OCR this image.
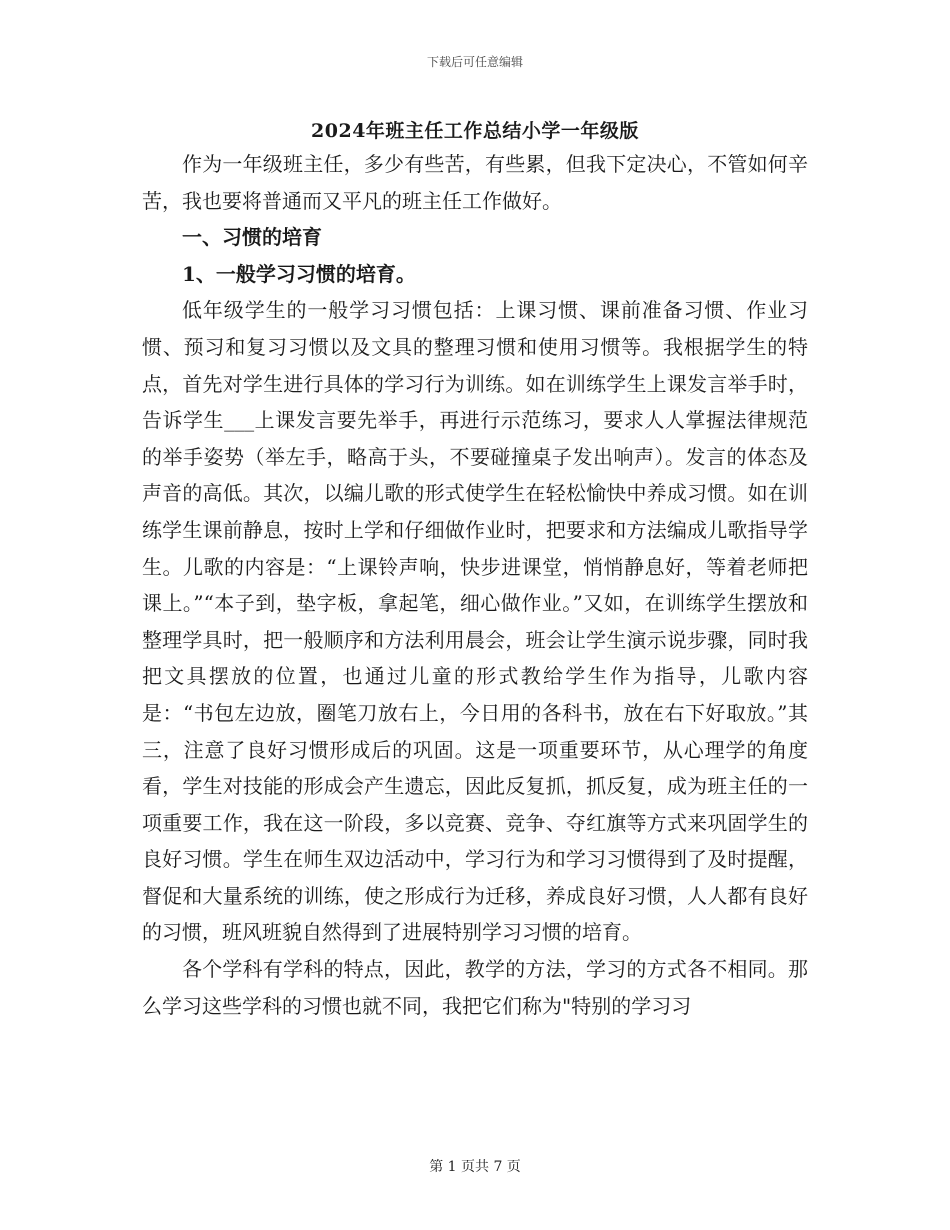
下载后可任意编辑
2024年班主任工作总结小学一年级版

作为一年级班主任，多少有些苦，有些累，但我下定决心，不管如何辛苦，我也要将普通而又平凡的班主任工作做好。

一、习惯的培育

1、一般学习习惯的培育。

低年级学生的一般学习习惯包括：上课习惯、课前准备习惯、作业习惯、预习和复习习惯以及文具的整理习惯和使用习惯等。我根据学生的特点，首先对学生进行具体的学习行为训练。如在训练学生上课发言举手时，告诉学生___上课发言要先举手，再进行示范练习，要求人人掌握法律规范的举手姿势（举左手，略高于头，不要碰撞桌子发出响声）。发言的体态及声音的高低。其次，以编儿歌的形式使学生在轻松愉快中养成习惯。如在训练学生课前静息，按时上学和仔细做作业时，把要求和方法编成儿歌指导学生。儿歌的内容是：“上课铃声响，快步进课堂，悄悄静息好，等着老师把课上。”“本子到，垫字板，拿起笔，细心做作业。”又如，在训练学生摆放和整理学具时，把一般顺序和方法利用晨会，班会让学生演示说步骤，同时我把文具摆放的位置，也通过儿童的形式教给学生作为指导，儿歌内容是：“书包左边放，圈笔刀放右上，今日用的各科书，放在右下好取放。”其三，注意了良好习惯形成后的巩固。这是一项重要环节，从心理学的角度看，学生对技能的形成会产生遗忘，因此反复抓，抓反复，成为班主任的一项重要工作，我在这一阶段，多以竞赛、竞争、夺红旗等方式来巩固学生的良好习惯。学生在师生双边活动中，学习行为和学习习惯得到了及时提醒，督促和大量系统的训练，使之形成行为迁移，养成良好习惯，人人都有良好的习惯，班风班貌自然得到了进展特别学习习惯的培育。

各个学科有学科的特点，因此，教学的方法，学习的方式各不相同。那么学习这些学科的习惯也就不同，我把它们称为"特别的学习习

第 1 页共 7 页
